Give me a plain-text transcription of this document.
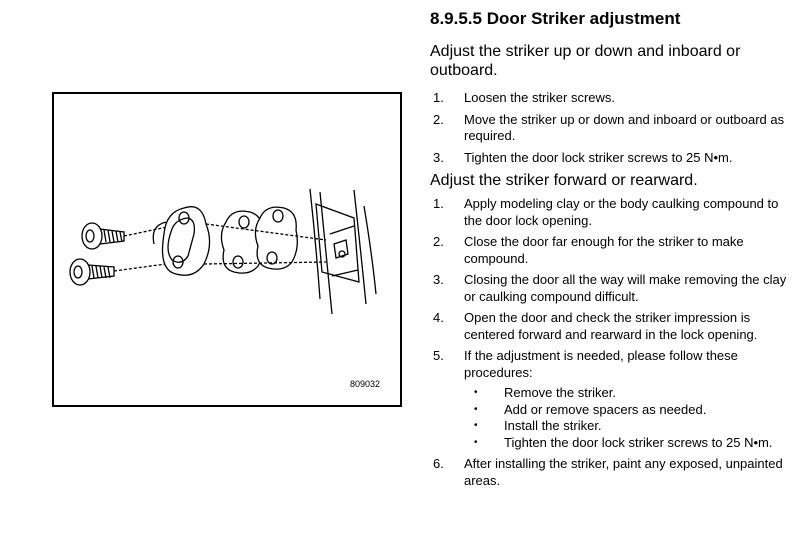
809032
8.9.5.5 Door Striker adjustment
Adjust the striker up or down and inboard or outboard.
1. Loosen the striker screws.
2. Move the striker up or down and inboard or outboard as required.
3. Tighten the door lock striker screws to 25 N•m.
Adjust the striker forward or rearward.
1. Apply modeling clay or the body caulking compound to the door lock opening.
2. Close the door far enough for the striker to make compound.
3. Closing the door all the way will make removing the clay or caulking compound difficult.
4. Open the door and check the striker impression is centered forward and rearward in the lock opening.
5. If the adjustment is needed, please follow these procedures:
• Remove the striker.
• Add or remove spacers as needed.
• Install the striker.
• Tighten the door lock striker screws to 25 N•m.
6. After installing the striker, paint any exposed, unpainted areas.
